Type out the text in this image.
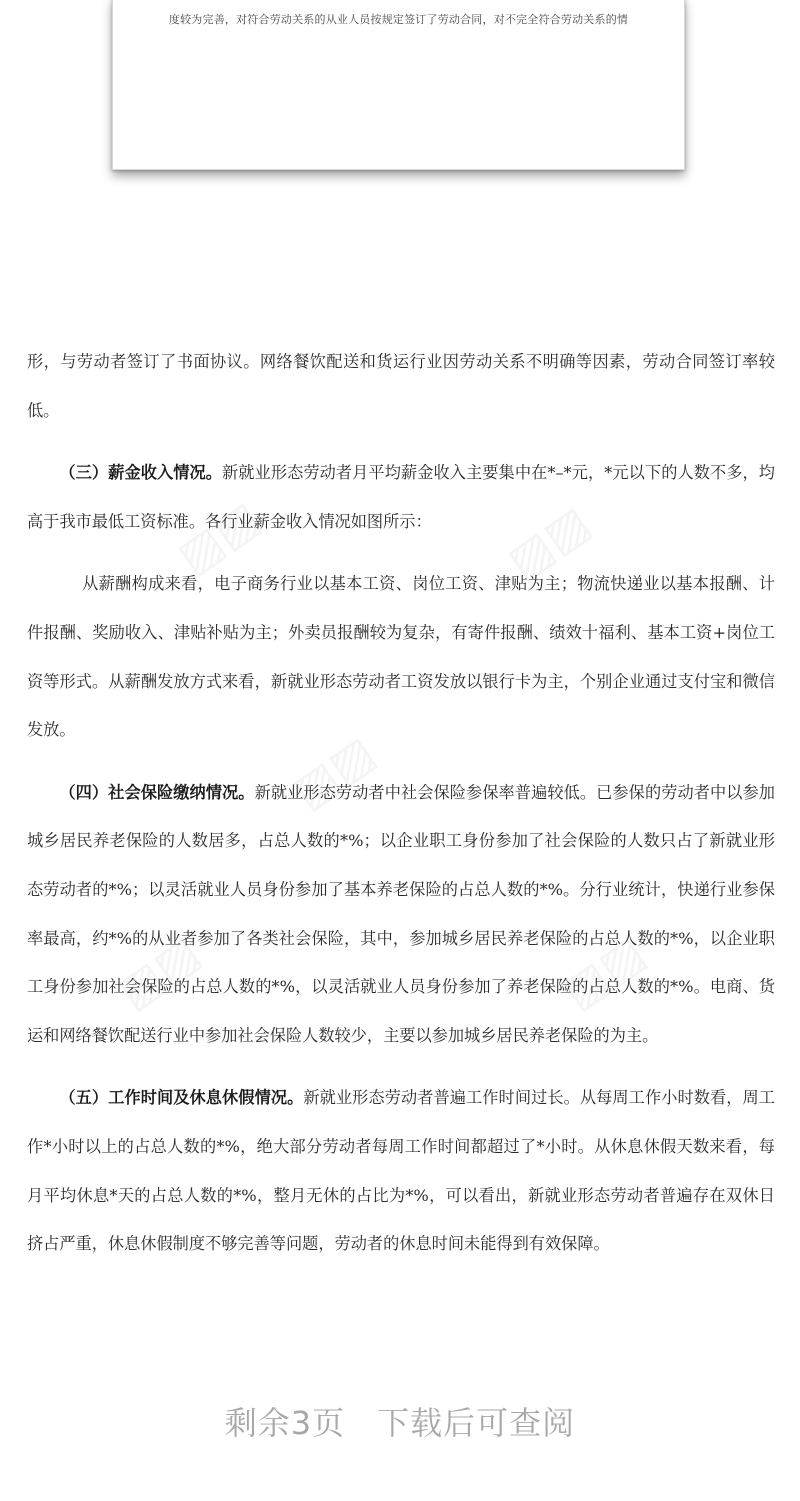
度较为完善，对符合劳动关系的从业人员按规定签订了劳动合同，对不完全符合劳动关系的情
▨▨	▨▨
▨▨
▨▨	▨▨

形，与劳动者签订了书面协议。网络餐饮配送和货运行业因劳动关系不明确等因素，劳动合同签订率较低。

（三）薪金收入情况。新就业形态劳动者月平均薪金收入主要集中在*–*元，*元以下的人数不多，均高于我市最低工资标准。各行业薪金收入情况如图所示：

从薪酬构成来看，电子商务行业以基本工资、岗位工资、津贴为主；物流快递业以基本报酬、计件报酬、奖励收入、津贴补贴为主；外卖员报酬较为复杂，有寄件报酬、绩效十福利、基本工资+岗位工资等形式。从薪酬发放方式来看，新就业形态劳动者工资发放以银行卡为主，个别企业通过支付宝和微信发放。

（四）社会保险缴纳情况。新就业形态劳动者中社会保险参保率普遍较低。已参保的劳动者中以参加城乡居民养老保险的人数居多，占总人数的*%；以企业职工身份参加了社会保险的人数只占了新就业形态劳动者的*%；以灵活就业人员身份参加了基本养老保险的占总人数的*%。分行业统计，快递行业参保率最高，约*%的从业者参加了各类社会保险，其中，参加城乡居民养老保险的占总人数的*%，以企业职工身份参加社会保险的占总人数的*%，以灵活就业人员身份参加了养老保险的占总人数的*%。电商、货运和网络餐饮配送行业中参加社会保险人数较少，主要以参加城乡居民养老保险的为主。

（五）工作时间及休息休假情况。新就业形态劳动者普遍工作时间过长。从每周工作小时数看，周工作*小时以上的占总人数的*%，绝大部分劳动者每周工作时间都超过了*小时。从休息休假天数来看，每月平均休息*天的占总人数的*%，整月无休的占比为*%，可以看出，新就业形态劳动者普遍存在双休日挤占严重，休息休假制度不够完善等问题，劳动者的休息时间未能得到有效保障。

剩余3页 下载后可查阅
